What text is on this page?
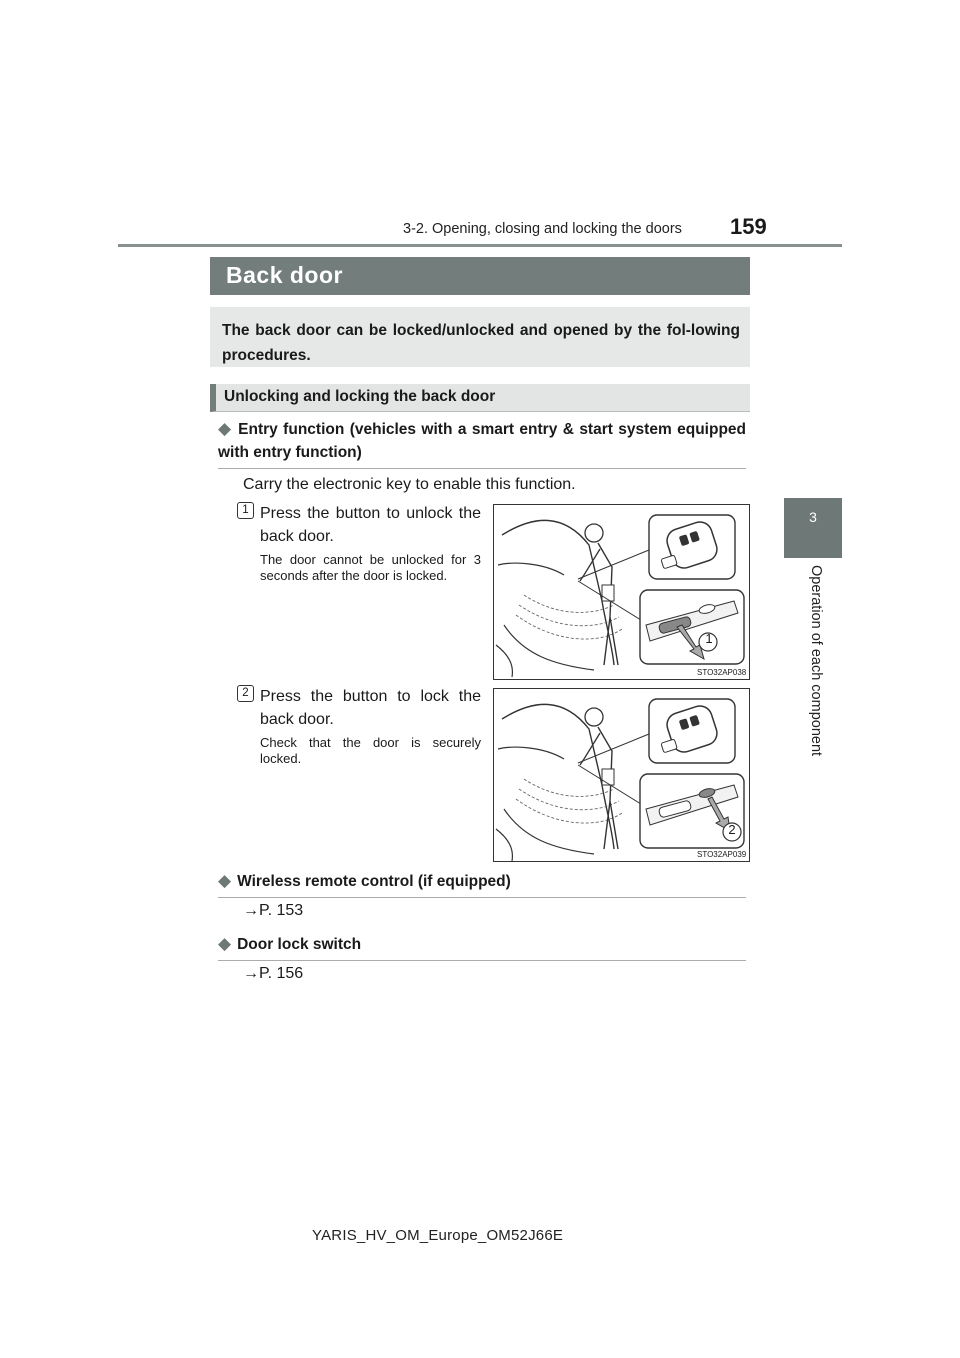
3-2. Opening, closing and locking the doors 159
3
Operation of each component
Back door
The back door can be locked/unlocked and opened by the fol-lowing procedures.
Unlocking and locking the back door
◆ Entry function (vehicles with a smart entry & start system equipped with entry function)
Carry the electronic key to enable this function.
1 Press the button to unlock the back door.
The door cannot be unlocked for 3 seconds after the door is locked.
1
STO32AP038
2 Press the button to lock the back door.
Check that the door is securely locked.
2
STO32AP039
◆ Wireless remote control (if equipped)
→P. 153
◆ Door lock switch
→P. 156
YARIS_HV_OM_Europe_OM52J66E
